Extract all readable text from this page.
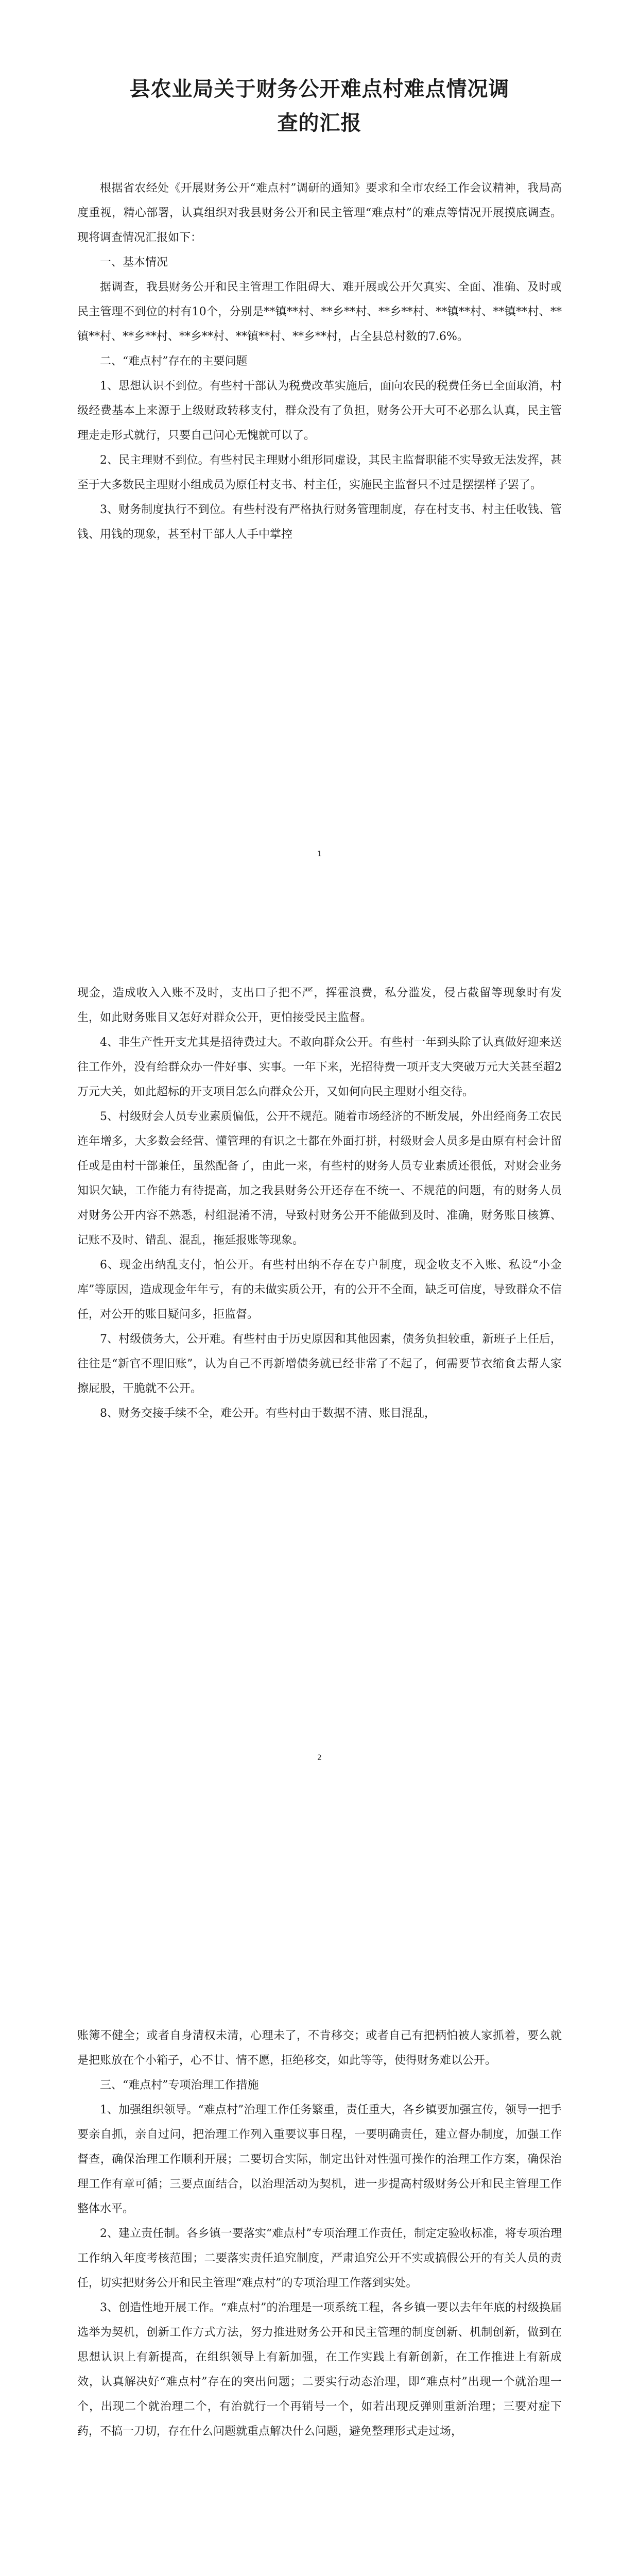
县农业局关于财务公开难点村难点情况调
查的汇报

根据省农经处《开展财务公开“难点村”调研的通知》要求和全市农经工作会议精神，我局高度重视，精心部署，认真组织对我县财务公开和民主管理“难点村”的难点等情况开展摸底调查。现将调查情况汇报如下：

一、基本情况

据调查，我县财务公开和民主管理工作阻碍大、难开展或公开欠真实、全面、准确、及时或民主管理不到位的村有10个，分别是**镇**村、**乡**村、**乡**村、**镇**村、**镇**村、**镇**村、**乡**村、**乡**村、**镇**村、**乡**村，占全县总村数的7.6%。

二、“难点村”存在的主要问题

1、思想认识不到位。有些村干部认为税费改革实施后，面向农民的税费任务已全面取消，村级经费基本上来源于上级财政转移支付，群众没有了负担，财务公开大可不必那么认真，民主管理走走形式就行，只要自己问心无愧就可以了。

2、民主理财不到位。有些村民主理财小组形同虚设，其民主监督职能不实导致无法发挥，甚至于大多数民主理财小组成员为原任村支书、村主任，实施民主监督只不过是摆摆样子罢了。

3、财务制度执行不到位。有些村没有严格执行财务管理制度，存在村支书、村主任收钱、管钱、用钱的现象，甚至村干部人人手中掌控

1

现金，造成收入入账不及时，支出口子把不严，挥霍浪费，私分滥发，侵占截留等现象时有发生，如此财务账目又怎好对群众公开，更怕接受民主监督。

4、非生产性开支尤其是招待费过大。不敢向群众公开。有些村一年到头除了认真做好迎来送往工作外，没有给群众办一件好事、实事。一年下来，光招待费一项开支大突破万元大关甚至超2万元大关，如此超标的开支项目怎么向群众公开，又如何向民主理财小组交待。

5、村级财会人员专业素质偏低，公开不规范。随着市场经济的不断发展，外出经商务工农民连年增多，大多数会经营、懂管理的有识之士都在外面打拼，村级财会人员多是由原有村会计留任或是由村干部兼任，虽然配备了，由此一来，有些村的财务人员专业素质还很低，对财会业务知识欠缺，工作能力有待提高，加之我县财务公开还存在不统一、不规范的问题，有的财务人员对财务公开内容不熟悉，村组混淆不清，导致村财务公开不能做到及时、准确，财务账目核算、记账不及时、错乱、混乱，拖延报账等现象。

6、现金出纳乱支付，怕公开。有些村出纳不存在专户制度，现金收支不入账、私设“小金库”等原因，造成现金年年亏，有的未做实质公开，有的公开不全面，缺乏可信度，导致群众不信任，对公开的账目疑问多，拒监督。

7、村级债务大，公开难。有些村由于历史原因和其他因素，债务负担较重，新班子上任后，往往是“新官不理旧账”，认为自己不再新增债务就已经非常了不起了，何需要节衣缩食去帮人家擦屁股，干脆就不公开。

8、财务交接手续不全，难公开。有些村由于数据不清、账目混乱，

2

账簿不健全；或者自身清权未清，心理未了，不肯移交；或者自己有把柄怕被人家抓着，要么就是把账放在个小箱子，心不甘、情不愿，拒绝移交，如此等等，使得财务难以公开。

三、“难点村”专项治理工作措施

1、加强组织领导。“难点村”治理工作任务繁重，责任重大，各乡镇要加强宣传，领导一把手要亲自抓，亲自过问，把治理工作列入重要议事日程，一要明确责任，建立督办制度，加强工作督查，确保治理工作顺利开展；二要切合实际，制定出针对性强可操作的治理工作方案，确保治理工作有章可循；三要点面结合，以治理活动为契机，进一步提高村级财务公开和民主管理工作整体水平。

2、建立责任制。各乡镇一要落实“难点村”专项治理工作责任，制定定验收标准，将专项治理工作纳入年度考核范围；二要落实责任追究制度，严肃追究公开不实或搞假公开的有关人员的责任，切实把财务公开和民主管理“难点村”的专项治理工作落到实处。

3、创造性地开展工作。“难点村”的治理是一项系统工程，各乡镇一要以去年年底的村级换届选举为契机，创新工作方式方法，努力推进财务公开和民主管理的制度创新、机制创新，做到在思想认识上有新提高，在组织领导上有新加强，在工作实践上有新创新，在工作推进上有新成效，认真解决好“难点村”存在的突出问题；二要实行动态治理，即“难点村”出现一个就治理一个，出现二个就治理二个，有治就行一个再销号一个，如若出现反弹则重新治理；三要对症下药，不搞一刀切，存在什么问题就重点解决什么问题，避免整理形式走过场，
